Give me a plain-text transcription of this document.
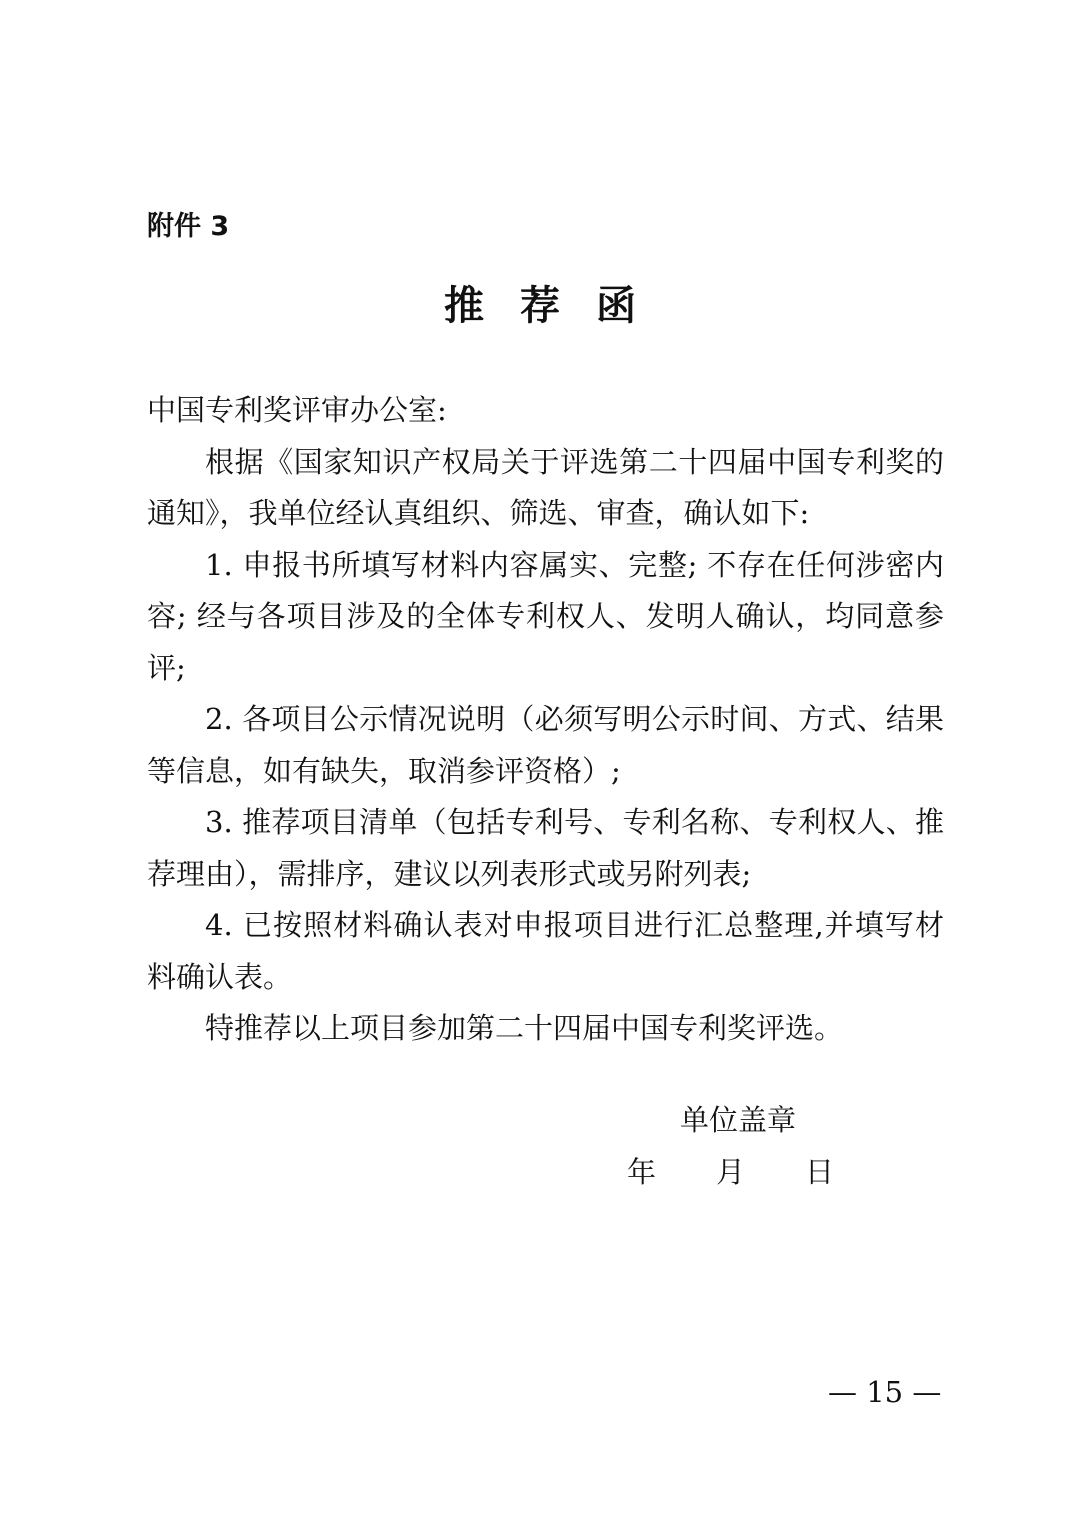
附件 3
推荐函

中国专利奖评审办公室:

根据《国家知识产权局关于评选第二十四届中国专利奖的通知》，我单位经认真组织、筛选、审查，确认如下:

1. 申报书所填写材料内容属实、完整; 不存在任何涉密内容; 经与各项目涉及的全体专利权人、发明人确认，均同意参评;

2. 各项目公示情况说明（必须写明公示时间、方式、结果等信息，如有缺失，取消参评资格）;

3. 推荐项目清单（包括专利号、专利名称、专利权人、推荐理由），需排序，建议以列表形式或另附列表;

4. 已按照材料确认表对申报项目进行汇总整理,并填写材料确认表。

特推荐以上项目参加第二十四届中国专利奖评选。

单位盖章
年 月 日
— 15 —
